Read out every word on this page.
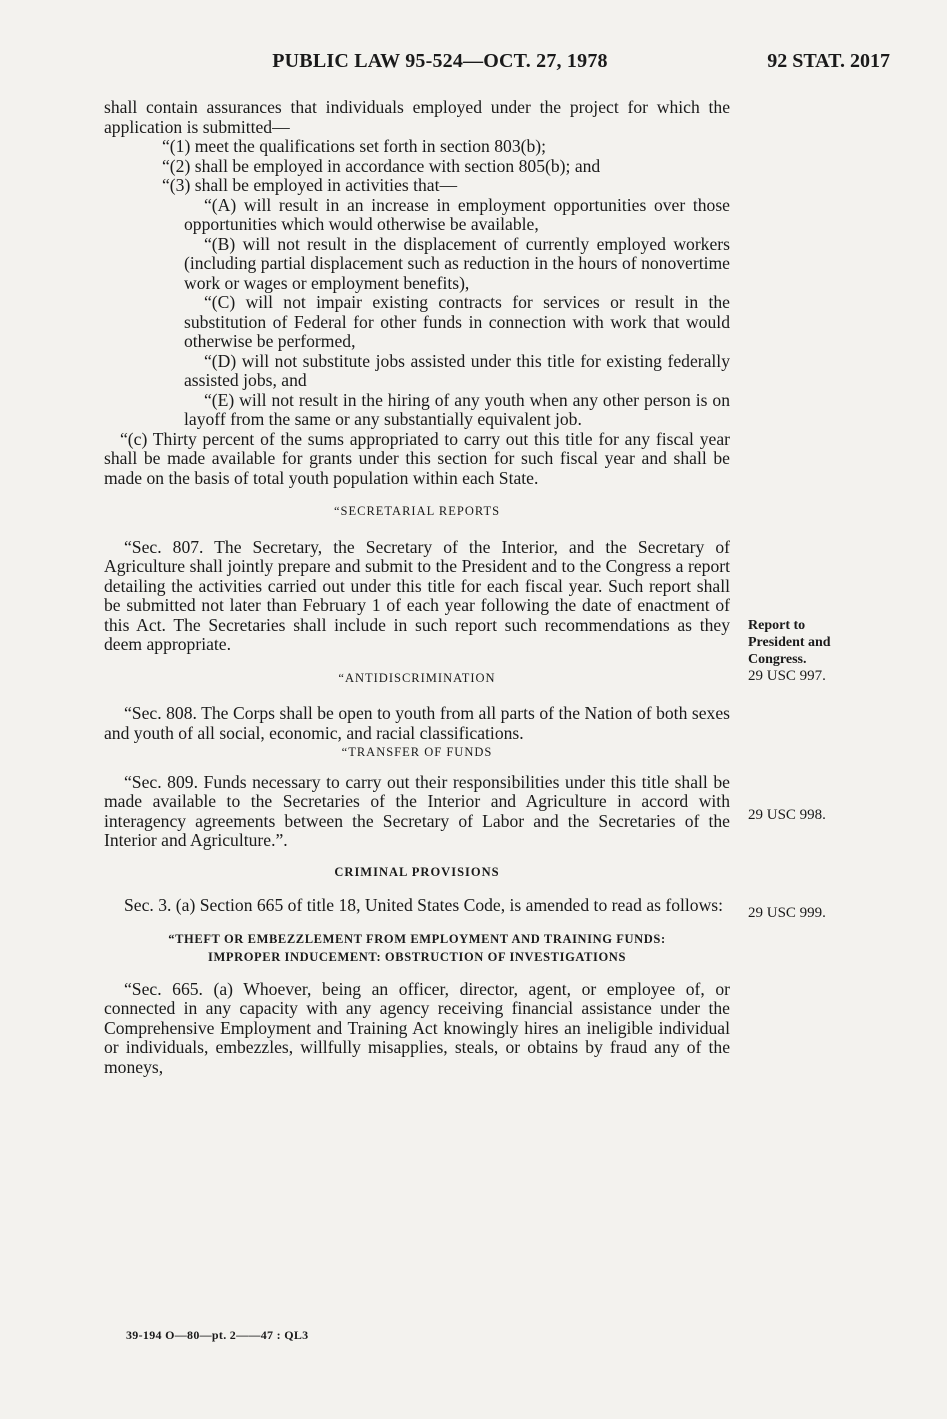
PUBLIC LAW 95-524—OCT. 27, 1978	92 STAT. 2017

shall contain assurances that individuals employed under the project for which the application is submitted—

“(1) meet the qualifications set forth in section 803(b);

“(2) shall be employed in accordance with section 805(b); and

“(3) shall be employed in activities that—

“(A) will result in an increase in employment opportunities over those opportunities which would otherwise be available,

“(B) will not result in the displacement of currently employed workers (including partial displacement such as reduction in the hours of nonovertime work or wages or employment benefits),

“(C) will not impair existing contracts for services or result in the substitution of Federal for other funds in connection with work that would otherwise be performed,

“(D) will not substitute jobs assisted under this title for existing federally assisted jobs, and

“(E) will not result in the hiring of any youth when any other person is on layoff from the same or any substantially equivalent job.

“(c) Thirty percent of the sums appropriated to carry out this title for any fiscal year shall be made available for grants under this section for such fiscal year and shall be made on the basis of total youth population within each State.

“SECRETARIAL REPORTS

“Sec. 807. The Secretary, the Secretary of the Interior, and the Secretary of Agriculture shall jointly prepare and submit to the President and to the Congress a report detailing the activities carried out under this title for each fiscal year. Such report shall be submitted not later than February 1 of each year following the date of enactment of this Act. The Secretaries shall include in such report such recommendations as they deem appropriate.

“ANTIDISCRIMINATION

“Sec. 808. The Corps shall be open to youth from all parts of the Nation of both sexes and youth of all social, economic, and racial classifications.

“TRANSFER OF FUNDS

“Sec. 809. Funds necessary to carry out their responsibilities under this title shall be made available to the Secretaries of the Interior and Agriculture in accord with interagency agreements between the Secretary of Labor and the Secretaries of the Interior and Agriculture.”.

CRIMINAL PROVISIONS

Sec. 3. (a) Section 665 of title 18, United States Code, is amended to read as follows:

“THEFT OR EMBEZZLEMENT FROM EMPLOYMENT AND TRAINING FUNDS:
IMPROPER INDUCEMENT: OBSTRUCTION OF INVESTIGATIONS

“Sec. 665. (a) Whoever, being an officer, director, agent, or employee of, or connected in any capacity with any agency receiving financial assistance under the Comprehensive Employment and Training Act knowingly hires an ineligible individual or individuals, embezzles, willfully misapplies, steals, or obtains by fraud any of the moneys,

Report to
President and
Congress.
29 USC 997.
29 USC 998.
29 USC 999.
39-194 O—80—pt. 2——47 : QL3
